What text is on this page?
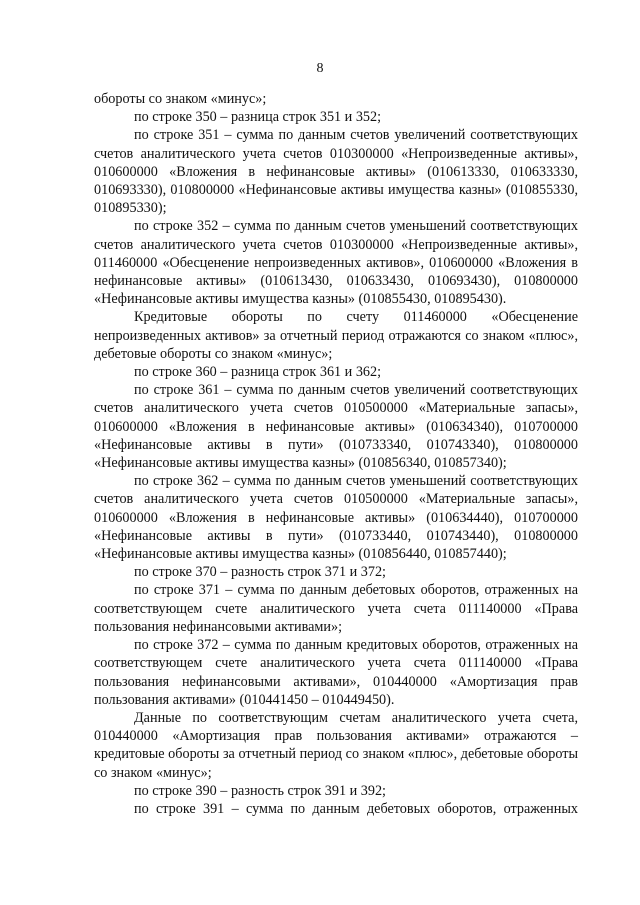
8

обороты со знаком «минус»;

по строке 350 – разница строк 351 и 352;

по строке 351 – сумма по данным счетов увеличений соответствующих счетов аналитического учета счетов 010300000 «Непроизведенные активы», 010600000 «Вложения в нефинансовые активы» (010613330, 010633330, 010693330), 010800000 «Нефинансовые активы имущества казны» (010855330, 010895330);

по строке 352 – сумма по данным счетов уменьшений соответствующих счетов аналитического учета счетов 010300000 «Непроизведенные активы», 011460000 «Обесценение непроизведенных активов», 010600000 «Вложения в нефинансовые активы» (010613430, 010633430, 010693430), 010800000 «Нефинансовые активы имущества казны» (010855430, 010895430).

Кредитовые обороты по счету 011460000 «Обесценение непроизведенных активов» за отчетный период отражаются со знаком «плюс», дебетовые обороты со знаком «минус»;

по строке 360 – разница строк 361 и 362;

по строке 361 – сумма по данным счетов увеличений соответствующих счетов аналитического учета счетов 010500000 «Материальные запасы», 010600000 «Вложения в нефинансовые активы» (010634340), 010700000 «Нефинансовые активы в пути» (010733340, 010743340), 010800000 «Нефинансовые активы имущества казны» (010856340, 010857340);

по строке 362 – сумма по данным счетов уменьшений соответствующих счетов аналитического учета счетов 010500000 «Материальные запасы», 010600000 «Вложения в нефинансовые активы» (010634440), 010700000 «Нефинансовые активы в пути» (010733440, 010743440), 010800000 «Нефинансовые активы имущества казны» (010856440, 010857440);

по строке 370 – разность строк 371 и 372;

по строке 371 – сумма по данным дебетовых оборотов, отраженных на соответствующем счете аналитического учета счета 011140000 «Права пользования нефинансовыми активами»;

по строке 372 – сумма по данным кредитовых оборотов, отраженных на соответствующем счете аналитического учета счета 011140000 «Права пользования нефинансовыми активами», 010440000 «Амортизация прав пользования активами» (010441450 – 010449450).

Данные по соответствующим счетам аналитического учета счета, 010440000 «Амортизация прав пользования активами» отражаются – кредитовые обороты за отчетный период со знаком «плюс», дебетовые обороты со знаком «минус»;

по строке 390 – разность строк 391 и 392;

по строке 391 – сумма по данным дебетовых оборотов, отраженных
